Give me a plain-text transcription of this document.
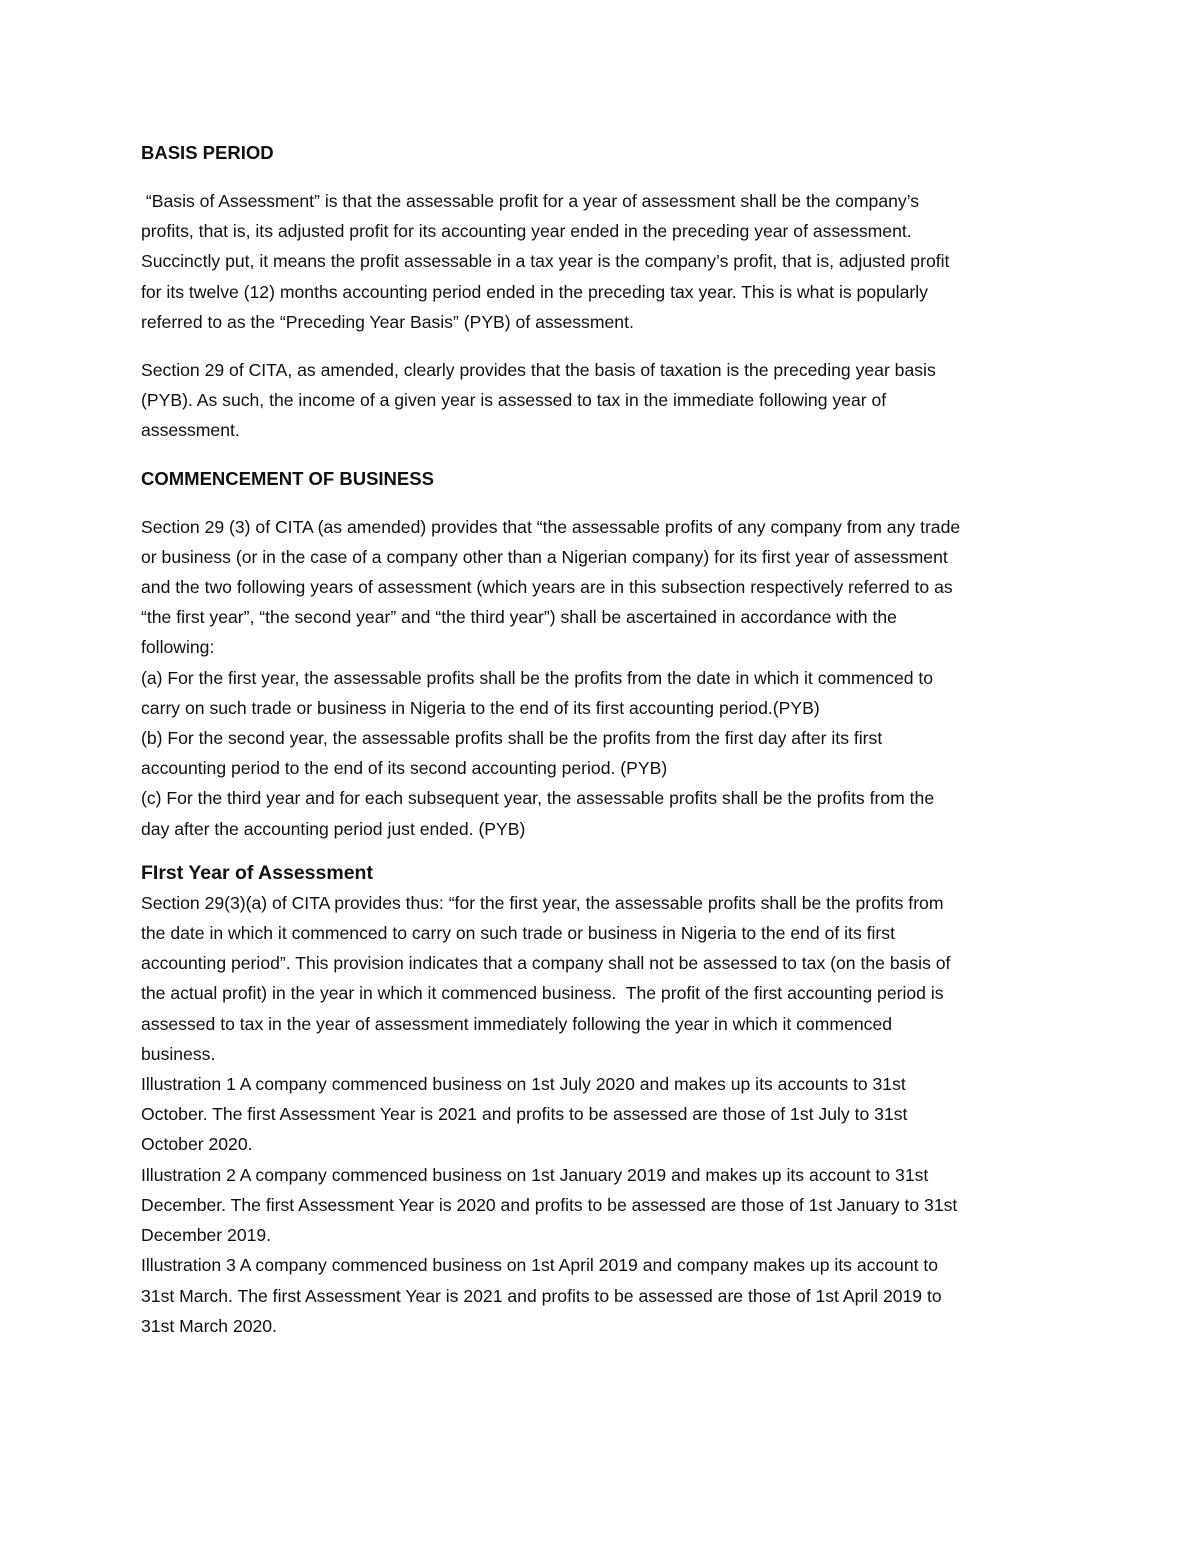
BASIS PERIOD

“Basis of Assessment” is that the assessable profit for a year of assessment shall be the company’s
profits, that is, its adjusted profit for its accounting year ended in the preceding year of assessment.
Succinctly put, it means the profit assessable in a tax year is the company’s profit, that is, adjusted profit
for its twelve (12) months accounting period ended in the preceding tax year. This is what is popularly
referred to as the “Preceding Year Basis” (PYB) of assessment.

Section 29 of CITA, as amended, clearly provides that the basis of taxation is the preceding year basis
(PYB). As such, the income of a given year is assessed to tax in the immediate following year of
assessment.

COMMENCEMENT OF BUSINESS

Section 29 (3) of CITA (as amended) provides that “the assessable profits of any company from any trade
or business (or in the case of a company other than a Nigerian company) for its first year of assessment
and the two following years of assessment (which years are in this subsection respectively referred to as
“the first year”, “the second year” and “the third year”) shall be ascertained in accordance with the
following:
(a) For the first year, the assessable profits shall be the profits from the date in which it commenced to
carry on such trade or business in Nigeria to the end of its first accounting period.(PYB)
(b) For the second year, the assessable profits shall be the profits from the first day after its first
accounting period to the end of its second accounting period. (PYB)
(c) For the third year and for each subsequent year, the assessable profits shall be the profits from the
day after the accounting period just ended. (PYB)

FIrst Year of Assessment

Section 29(3)(a) of CITA provides thus: “for the first year, the assessable profits shall be the profits from
the date in which it commenced to carry on such trade or business in Nigeria to the end of its first
accounting period”. This provision indicates that a company shall not be assessed to tax (on the basis of
the actual profit) in the year in which it commenced business.  The profit of the first accounting period is
assessed to tax in the year of assessment immediately following the year in which it commenced
business.
Illustration 1 A company commenced business on 1st July 2020 and makes up its accounts to 31st
October. The first Assessment Year is 2021 and profits to be assessed are those of 1st July to 31st
October 2020.
Illustration 2 A company commenced business on 1st January 2019 and makes up its account to 31st
December. The first Assessment Year is 2020 and profits to be assessed are those of 1st January to 31st
December 2019.
Illustration 3 A company commenced business on 1st April 2019 and company makes up its account to
31st March. The first Assessment Year is 2021 and profits to be assessed are those of 1st April 2019 to
31st March 2020.
